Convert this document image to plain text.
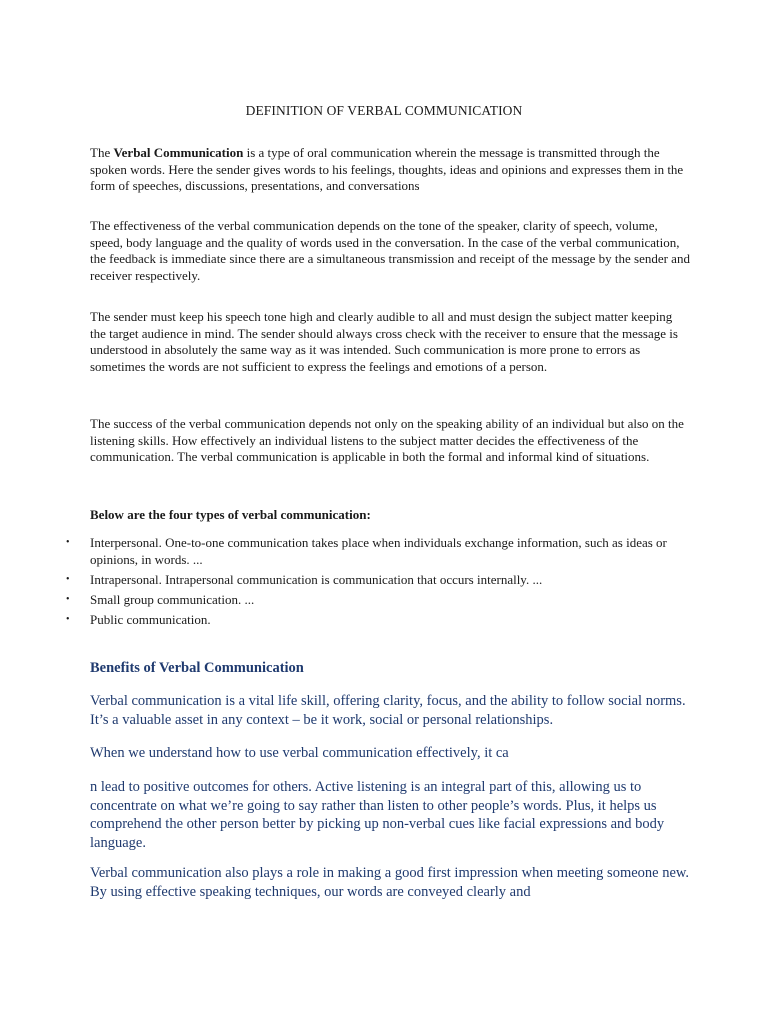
DEFINITION OF VERBAL COMMUNICATION

The Verbal Communication is a type of oral communication wherein the message is transmitted through the spoken words. Here the sender gives words to his feelings, thoughts, ideas and opinions and expresses them in the form of speeches, discussions, presentations, and conversations

The effectiveness of the verbal communication depends on the tone of the speaker, clarity of speech, volume, speed, body language and the quality of words used in the conversation. In the case of the verbal communication, the feedback is immediate since there are a simultaneous transmission and receipt of the message by the sender and receiver respectively.

The sender must keep his speech tone high and clearly audible to all and must design the subject matter keeping the target audience in mind. The sender should always cross check with the receiver to ensure that the message is understood in absolutely the same way as it was intended. Such communication is more prone to errors as sometimes the words are not sufficient to express the feelings and emotions of a person.

The success of the verbal communication depends not only on the speaking ability of an individual but also on the listening skills. How effectively an individual listens to the subject matter decides the effectiveness of the communication. The verbal communication is applicable in both the formal and informal kind of situations.

Below are the four types of verbal communication:

• Interpersonal. One-to-one communication takes place when individuals exchange information, such as ideas or opinions, in words. ...
• Intrapersonal. Intrapersonal communication is communication that occurs internally. ...
• Small group communication. ...
• Public communication.
Benefits of Verbal Communication

Verbal communication is a vital life skill, offering clarity, focus, and the ability to follow social norms. It’s a valuable asset in any context – be it work, social or personal relationships.

When we understand how to use verbal communication effectively, it ca

n lead to positive outcomes for others. Active listening is an integral part of this, allowing us to concentrate on what we’re going to say rather than listen to other people’s words. Plus, it helps us comprehend the other person better by picking up non-verbal cues like facial expressions and body language.

Verbal communication also plays a role in making a good first impression when meeting someone new. By using effective speaking techniques, our words are conveyed clearly and
